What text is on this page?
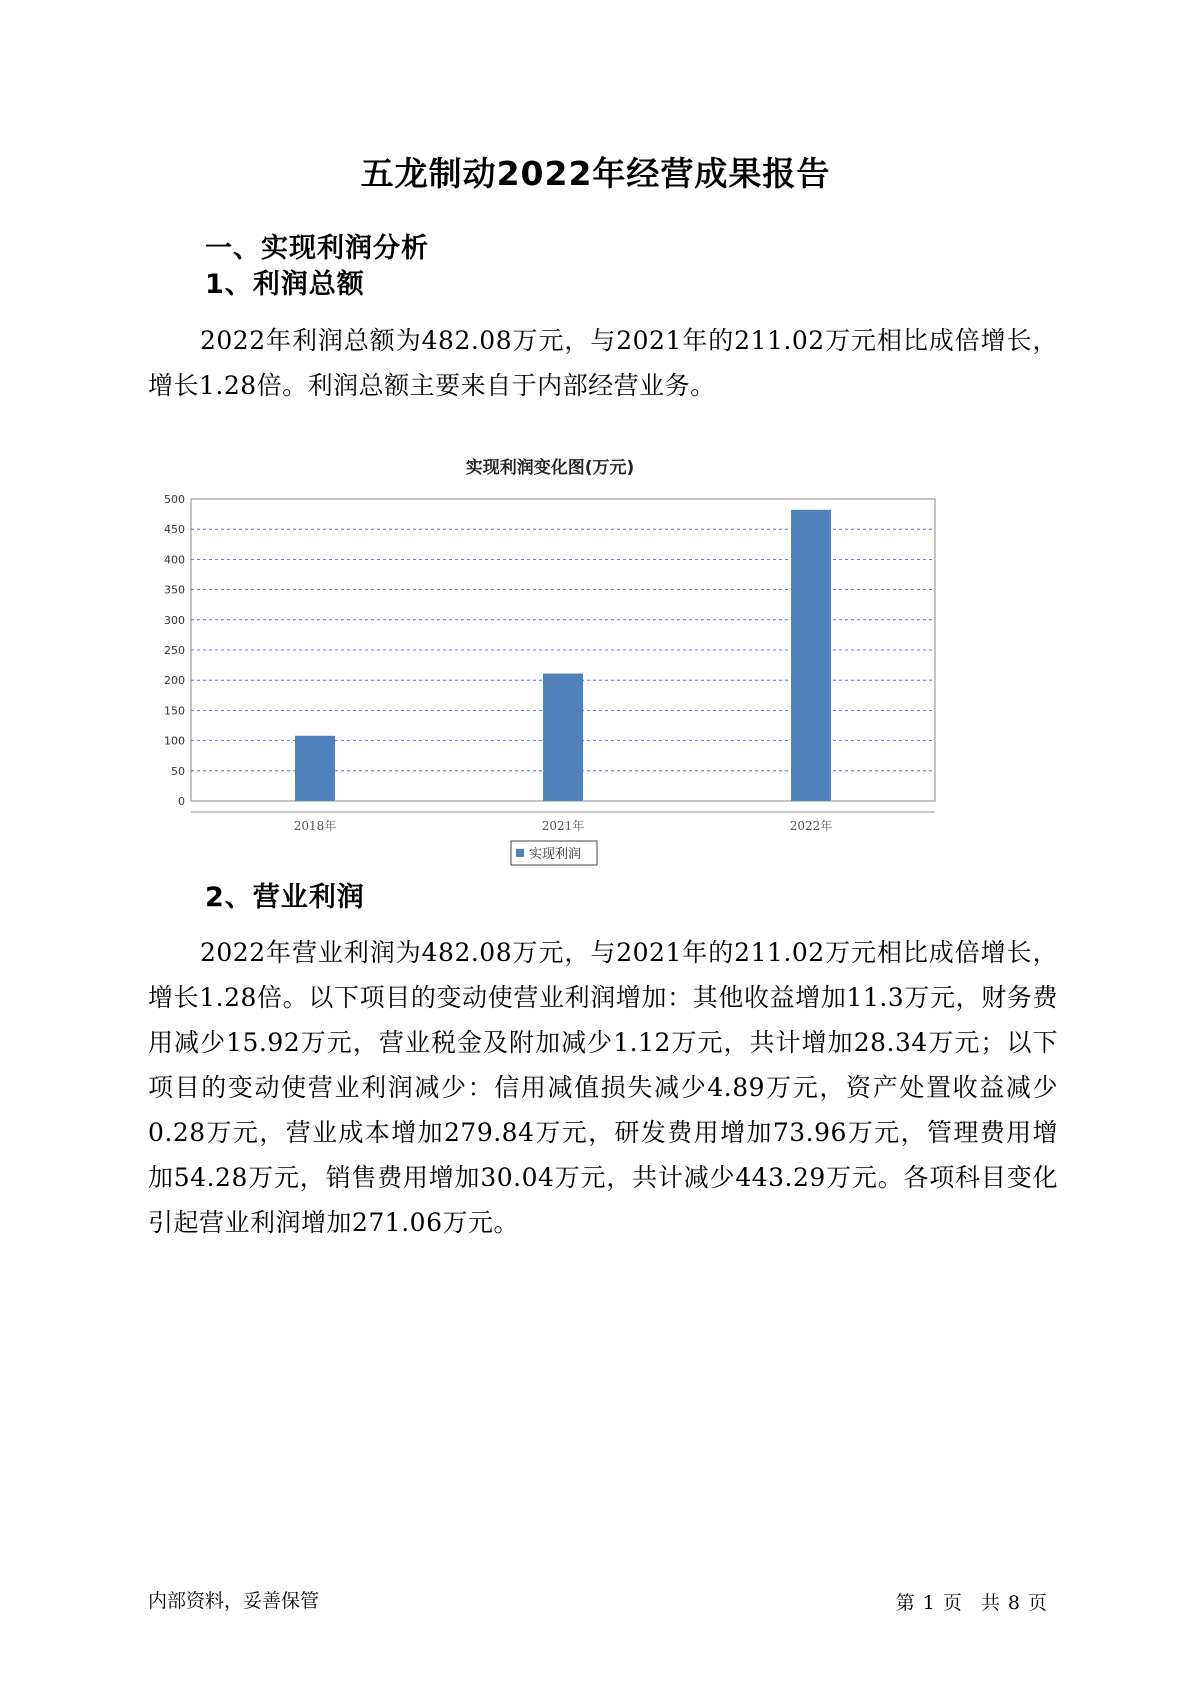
五龙制动2022年经营成果报告
一、实现利润分析
1、利润总额
2022年利润总额为482.08万元，与2021年的211.02万元相比成倍增长，增长1.28倍。利润总额主要来自于内部经营业务。
实现利润变化图(万元)
0
50
100
150
200
250
300
350
400
450
500
2018年	2021年	2022年
实现利润
2、营业利润
2022年营业利润为482.08万元，与2021年的211.02万元相比成倍增长，增长1.28倍。以下项目的变动使营业利润增加：其他收益增加11.3万元，财务费用减少15.92万元，营业税金及附加减少1.12万元，共计增加28.34万元；以下项目的变动使营业利润减少：信用减值损失减少4.89万元，资产处置收益减少0.28万元，营业成本增加279.84万元，研发费用增加73.96万元，管理费用增加54.28万元，销售费用增加30.04万元，共计减少443.29万元。各项科目变化引起营业利润增加271.06万元。
内部资料，妥善保管	第 1 页　共 8 页
